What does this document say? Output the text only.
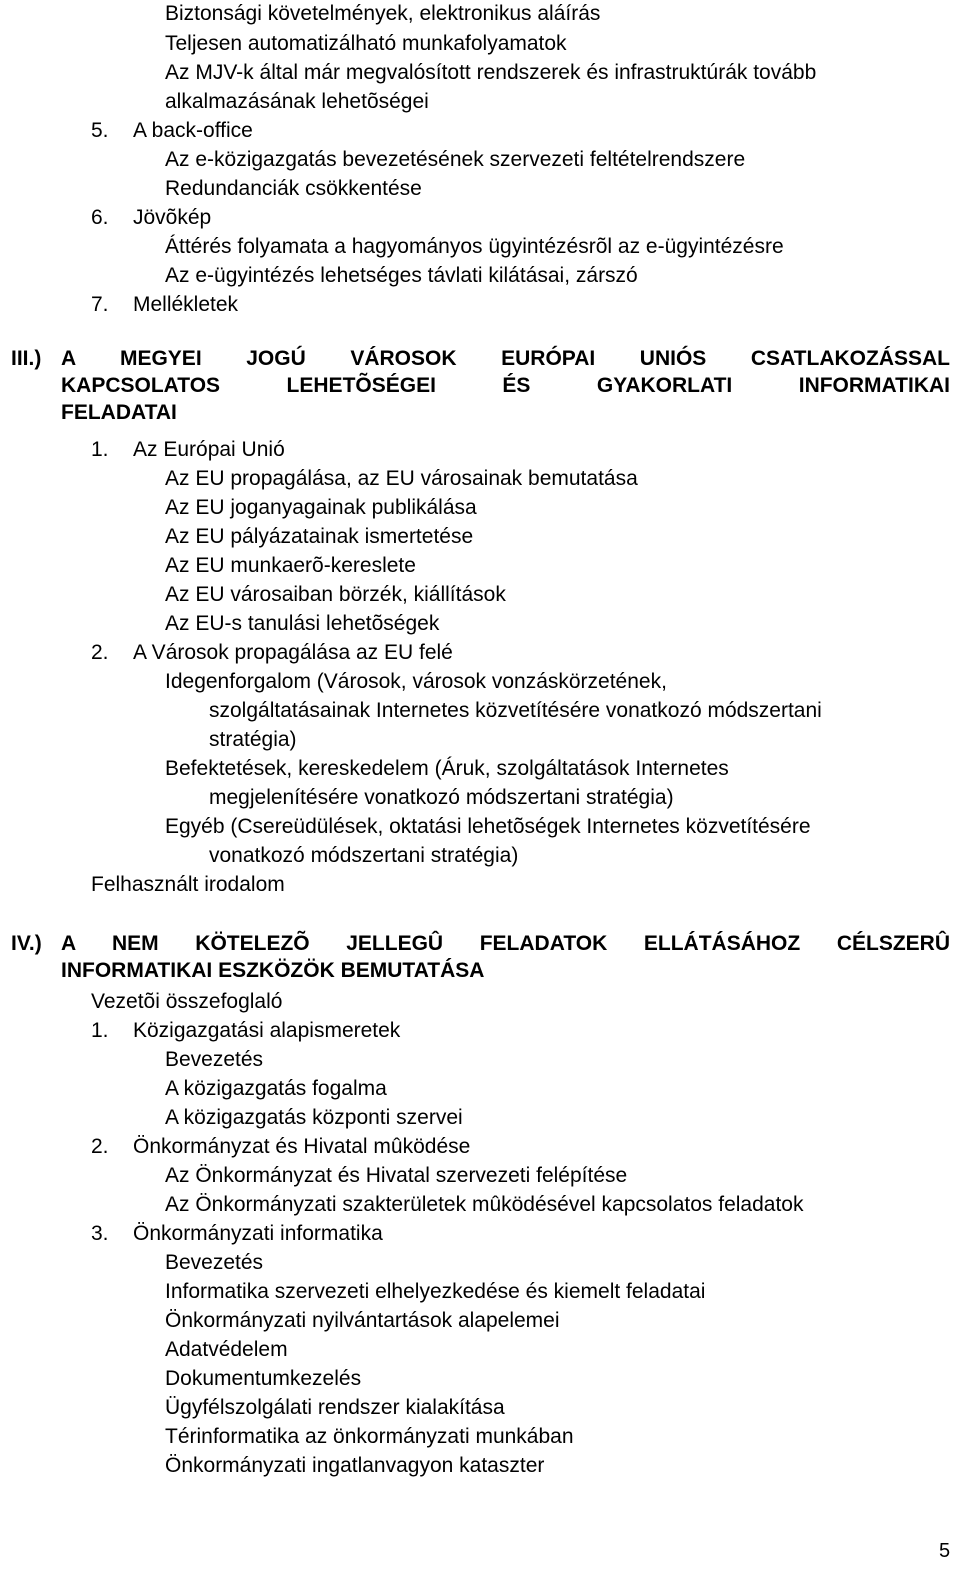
Biztonsági követelmények, elektronikus aláírás
Teljesen automatizálható munkafolyamatok
Az MJV-k által már megvalósított rendszerek és infrastruktúrák tovább
alkalmazásának lehetõségei
5. A back-office
Az e-közigazgatás bevezetésének szervezeti feltételrendszere
Redundanciák csökkentése
6. Jövõkép
Áttérés folyamata a hagyományos ügyintézésrõl az e-ügyintézésre
Az e-ügyintézés lehetséges távlati kilátásai, zárszó
7. Mellékletek
III.) A MEGYEI JOGÚ VÁROSOK EURÓPAI UNIÓS CSATLAKOZÁSSAL
KAPCSOLATOS LEHETÕSÉGEI ÉS GYAKORLATI INFORMATIKAI
FELADATAI
1. Az Európai Unió
Az EU propagálása, az EU városainak bemutatása
Az EU joganyagainak publikálása
Az EU pályázatainak ismertetése
Az EU munkaerõ-kereslete
Az EU városaiban börzék, kiállítások
Az EU-s tanulási lehetõségek
2. A Városok propagálása az EU felé
Idegenforgalom (Városok, városok vonzáskörzetének,
szolgáltatásainak Internetes közvetítésére vonatkozó módszertani
stratégia)
Befektetések, kereskedelem (Áruk, szolgáltatások Internetes
megjelenítésére vonatkozó módszertani stratégia)
Egyéb (Csereüdülések, oktatási lehetõségek Internetes közvetítésére
vonatkozó módszertani stratégia)
Felhasznált irodalom
IV.) A NEM KÖTELEZÕ JELLEGÛ FELADATOK ELLÁTÁSÁHOZ CÉLSZERÛ
INFORMATIKAI ESZKÖZÖK BEMUTATÁSA
Vezetõi összefoglaló
1. Közigazgatási alapismeretek
Bevezetés
A közigazgatás fogalma
A közigazgatás központi szervei
2. Önkormányzat és Hivatal mûködése
Az Önkormányzat és Hivatal szervezeti felépítése
Az Önkormányzati szakterületek mûködésével kapcsolatos feladatok
3. Önkormányzati informatika
Bevezetés
Informatika szervezeti elhelyezkedése és kiemelt feladatai
Önkormányzati nyilvántartások alapelemei
Adatvédelem
Dokumentumkezelés
Ügyfélszolgálati rendszer kialakítása
Térinformatika az önkormányzati munkában
Önkormányzati ingatlanvagyon kataszter
5
